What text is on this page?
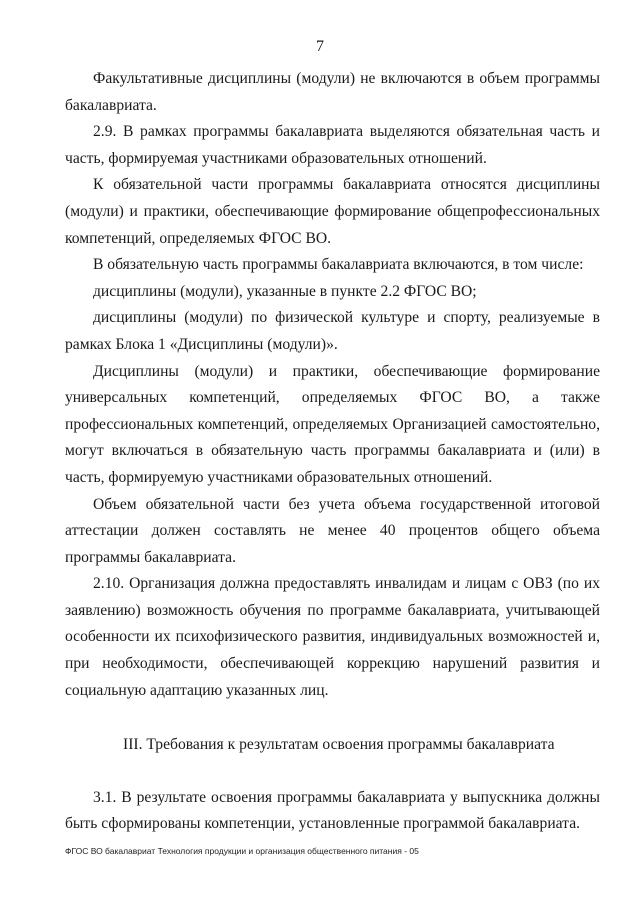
7

Факультативные дисциплины (модули) не включаются в объем программы бакалавриата.

2.9. В рамках программы бакалавриата выделяются обязательная часть и часть, формируемая участниками образовательных отношений.

К обязательной части программы бакалавриата относятся дисциплины (модули) и практики, обеспечивающие формирование общепрофессиональных компетенций, определяемых ФГОС ВО.

В обязательную часть программы бакалавриата включаются, в том числе:

дисциплины (модули), указанные в пункте 2.2 ФГОС ВО;

дисциплины (модули) по физической культуре и спорту, реализуемые в рамках Блока 1 «Дисциплины (модули)».

Дисциплины (модули) и практики, обеспечивающие формирование универсальных компетенций, определяемых ФГОС ВО, а также профессиональных компетенций, определяемых Организацией самостоятельно, могут включаться в обязательную часть программы бакалавриата и (или) в часть, формируемую участниками образовательных отношений.

Объем обязательной части без учета объема государственной итоговой аттестации должен составлять не менее 40 процентов общего объема программы бакалавриата.

2.10. Организация должна предоставлять инвалидам и лицам с ОВЗ (по их заявлению) возможность обучения по программе бакалавриата, учитывающей особенности их психофизического развития, индивидуальных возможностей и, при необходимости, обеспечивающей коррекцию нарушений развития и социальную адаптацию указанных лиц.

III. Требования к результатам освоения программы бакалавриата

3.1. В результате освоения программы бакалавриата у выпускника должны быть сформированы компетенции, установленные программой бакалавриата.

ФГОС ВО бакалавриат Технология продукции и организация общественного питания - 05
